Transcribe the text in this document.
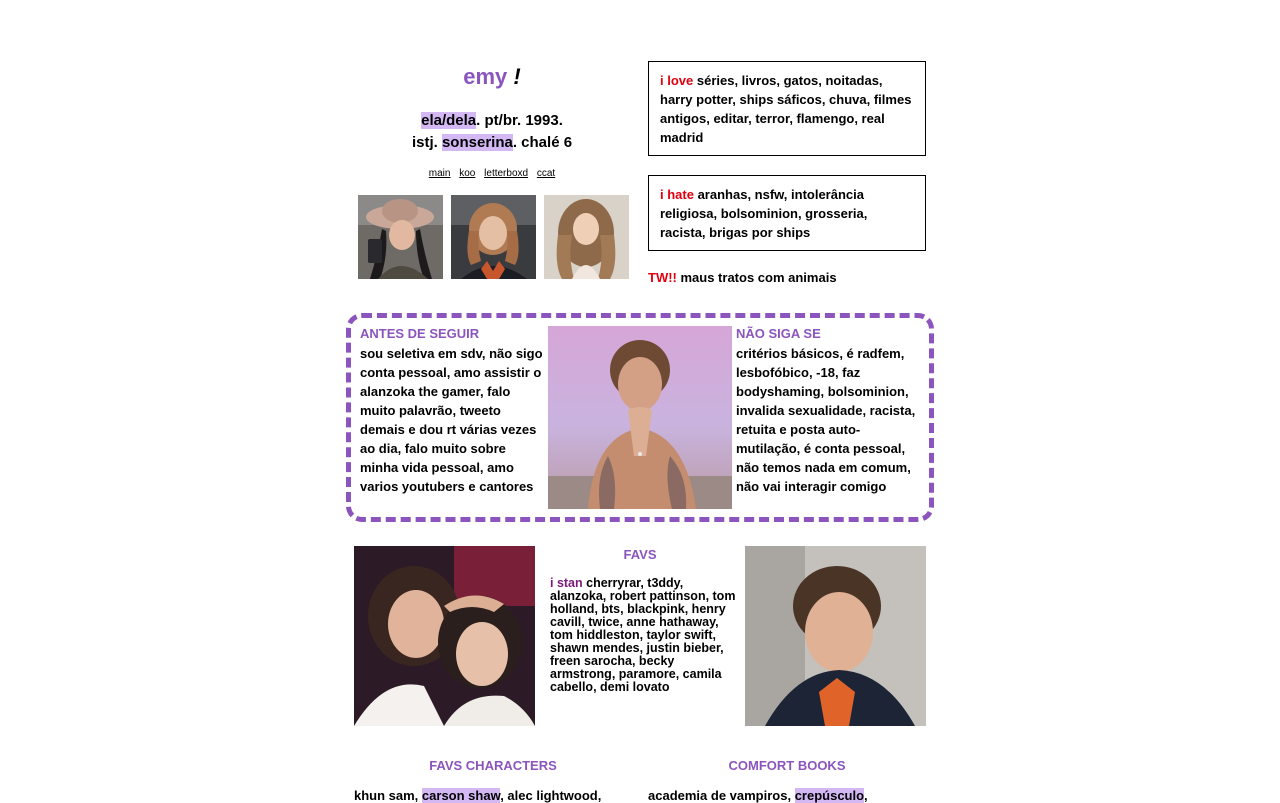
emy !
ela/dela. pt/br. 1993.
istj. sonserina. chalé 6
main koo letterboxd ccat
i love séries, livros, gatos, noitadas, harry potter, ships sáficos, chuva, filmes antigos, editar, terror, flamengo, real madrid
i hate aranhas, nsfw, intolerância religiosa, bolsominion, grosseria, racista, brigas por ships
TW!! maus tratos com animais
ANTES DE SEGUIR
sou seletiva em sdv, não sigo conta pessoal, amo assistir o alanzoka the gamer, falo muito palavrão, tweeto demais e dou rt várias vezes ao dia, falo muito sobre minha vida pessoal, amo varios youtubers e cantores
NÃO SIGA SE
critérios básicos, é radfem, lesbofóbico, -18, faz bodyshaming, bolsominion, invalida sexualidade, racista, retuita e posta auto-mutilação, é conta pessoal, não temos nada em comum, não vai interagir comigo
FAVS
i stan cherryrar, t3ddy, alanzoka, robert pattinson, tom holland, bts, blackpink, henry cavill, twice, anne hathaway, tom hiddleston, taylor swift, shawn mendes, justin bieber, freen sarocha, becky armstrong, paramore, camila cabello, demi lovato
FAVS CHARACTERS	COMFORT BOOKS
khun sam, carson shaw, alec lightwood,	academia de vampiros, crepúsculo,
